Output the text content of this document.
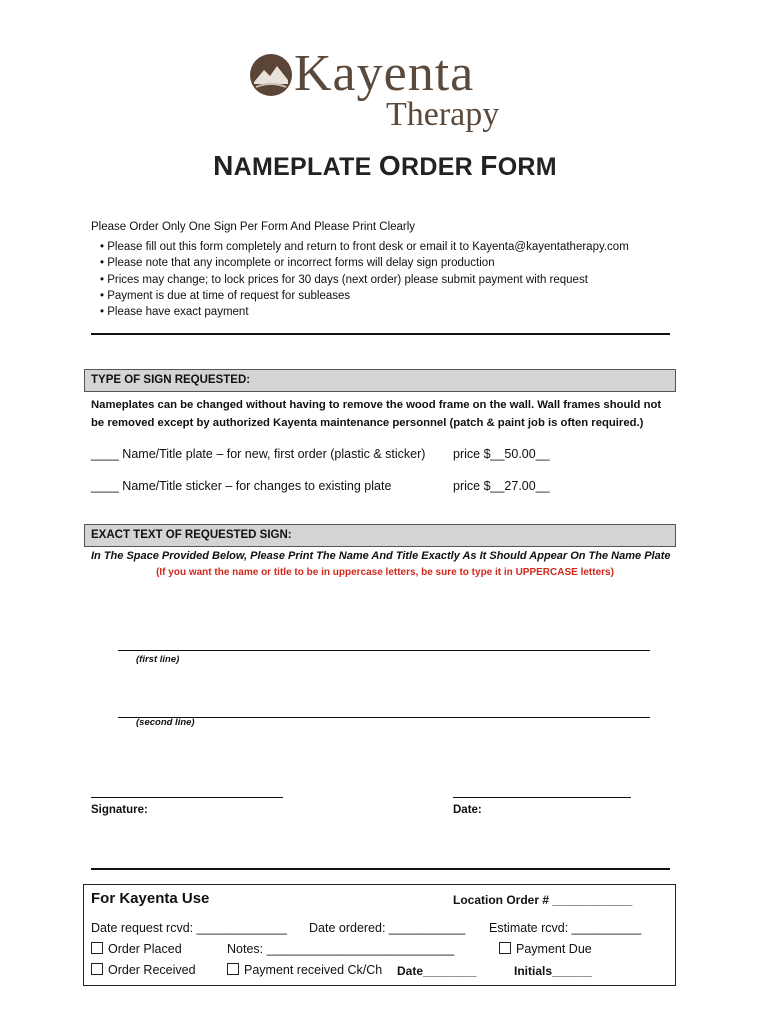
Kayenta
Therapy
NAMEPLATE ORDER FORM
Please Order Only One Sign Per Form And Please Print Clearly
• Please fill out this form completely and return to front desk or email it to Kayenta@kayentatherapy.com
• Please note that any incomplete or incorrect forms will delay sign production
• Prices may change; to lock prices for 30 days (next order) please submit payment with request
• Payment is due at time of request for subleases
• Please have exact payment
TYPE OF SIGN REQUESTED:
Nameplates can be changed without having to remove the wood frame on the wall. Wall frames should not
be removed except by authorized Kayenta maintenance personnel (patch & paint job is often required.)
____ Name/Title plate – for new, first order (plastic & sticker) price $__50.00__
____ Name/Title sticker – for changes to existing plate	price $__27.00__
EXACT TEXT OF REQUESTED SIGN:
In The Space Provided Below, Please Print The Name And Title Exactly As It Should Appear On The Name Plate
(If you want the name or title to be in uppercase letters, be sure to type it in UPPERCASE letters)
(first line)
(second line)
Signature:	Date:
For Kayenta Use	Location Order # ____________
Date request rcvd: _____________ Date ordered: ___________ Estimate rcvd: __________
Order Placed	Notes: ___________________________	Payment Due
Order Received	Payment received Ck/Ch Date________	Initials______
